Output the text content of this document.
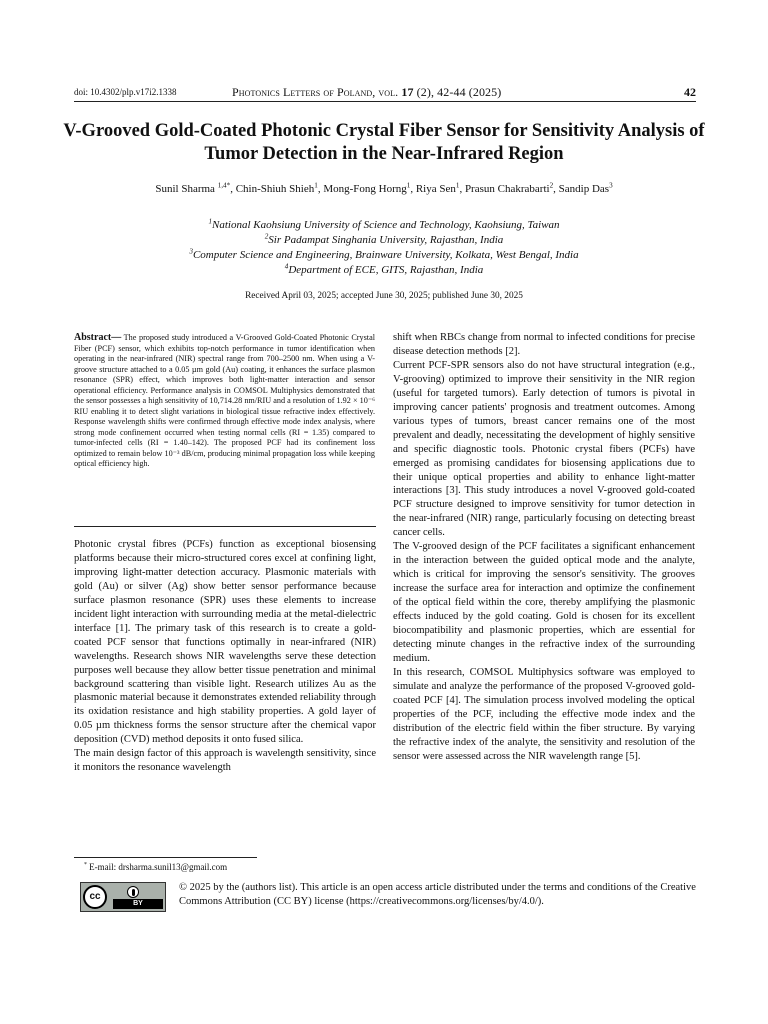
doi: 10.4302/plp.v17i2.1338	Photonics Letters of Poland, vol. 17 (2), 42-44 (2025)	42
V-Grooved Gold-Coated Photonic Crystal Fiber Sensor for Sensitivity Analysis of Tumor Detection in the Near-Infrared Region
Sunil Sharma $^{1,4*}$, Chin-Shiuh Shieh$^1$, Mong-Fong Horng$^1$, Riya Sen$^1$, Prasun Chakrabarti$^2$, Sandip Das$^3$
$^1$National Kaohsiung University of Science and Technology, Kaohsiung, Taiwan
$^2$Sir Padampat Singhania University, Rajasthan, India
$^3$Computer Science and Engineering, Brainware University, Kolkata, West Bengal, India
$^4$Department of ECE, GITS, Rajasthan, India
Received April 03, 2025; accepted June 30, 2025; published June 30, 2025
Abstract— The proposed study introduced a V-Grooved Gold-Coated Photonic Crystal Fiber (PCF) sensor, which exhibits top-notch performance in tumor identification when operating in the near-infrared (NIR) spectral range from 700–2500 nm. When using a V-groove structure attached to a 0.05 µm gold (Au) coating, it enhances the surface plasmon resonance (SPR) effect, which improves both light-matter interaction and sensor operational efficiency. Performance analysis in COMSOL Multiphysics demonstrated that the sensor possesses a high sensitivity of 10,714.28 nm/RIU and a resolution of 1.92 × 10⁻⁶ RIU enabling it to detect slight variations in biological tissue refractive index effectively. Response wavelength shifts were confirmed through effective mode index analysis, where strong mode confinement occurred when testing normal cells (RI = 1.35) compared to tumor-infected cells (RI = 1.40–142). The proposed PCF had its confinement loss optimized to remain below 10⁻³ dB/cm, producing minimal propagation loss while keeping optical efficiency high.

Photonic crystal fibres (PCFs) function as exceptional biosensing platforms because their micro-structured cores excel at confining light, improving light-matter detection accuracy. Plasmonic materials with gold (Au) or silver (Ag) show better sensor performance because surface plasmon resonance (SPR) uses these elements to increase incident light interaction with surrounding media at the metal-dielectric interface [1]. The primary task of this research is to create a gold-coated PCF sensor that functions optimally in near-infrared (NIR) wavelengths. Research shows NIR wavelengths serve these detection purposes well because they allow better tissue penetration and minimal background scattering than visible light. Research utilizes Au as the plasmonic material because it demonstrates extended reliability through its oxidation resistance and high stability properties. A gold layer of 0.05 µm thickness forms the sensor structure after the chemical vapor deposition (CVD) method deposits it onto fused silica.

The main design factor of this approach is wavelength sensitivity, since it monitors the resonance wavelength

shift when RBCs change from normal to infected conditions for precise disease detection methods [2].

Current PCF-SPR sensors also do not have structural integration (e.g., V-grooving) optimized to improve their sensitivity in the NIR region (useful for targeted tumors). Early detection of tumors is pivotal in improving cancer patients' prognosis and treatment outcomes. Among various types of tumors, breast cancer remains one of the most prevalent and deadly, necessitating the development of highly sensitive and specific diagnostic tools. Photonic crystal fibers (PCFs) have emerged as promising candidates for biosensing applications due to their unique optical properties and ability to enhance light-matter interactions [3]. This study introduces a novel V-grooved gold-coated PCF structure designed to improve sensitivity for tumor detection in the near-infrared (NIR) range, particularly focusing on detecting breast cancer cells.

The V-grooved design of the PCF facilitates a significant enhancement in the interaction between the guided optical mode and the analyte, which is critical for improving the sensor's sensitivity. The grooves increase the surface area for interaction and optimize the confinement of the optical field within the core, thereby amplifying the plasmonic effects induced by the gold coating. Gold is chosen for its excellent biocompatibility and plasmonic properties, which are essential for detecting minute changes in the refractive index of the surrounding medium.

In this research, COMSOL Multiphysics software was employed to simulate and analyze the performance of the proposed V-grooved gold-coated PCF [4]. The simulation process involved modeling the optical properties of the PCF, including the effective mode index and the distribution of the electric field within the fiber structure. By varying the refractive index of the analyte, the sensitivity and resolution of the sensor were assessed across the NIR wavelength range [5].

* E-mail: drsharma.sunil13@gmail.com
cc
BY
© 2025 by the (authors list). This article is an open access article distributed under the terms and conditions of the Creative Commons Attribution (CC BY) license (https://creativecommons.org/licenses/by/4.0/).
